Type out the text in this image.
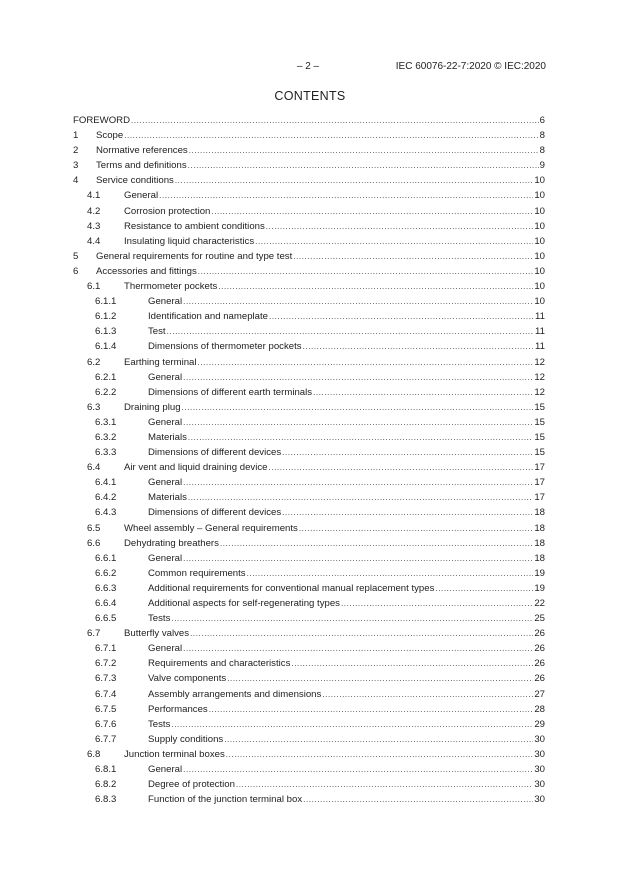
– 2 –	IEC 60076-22-7:2020 © IEC:2020
CONTENTS
FOREWORD .....	6
1 Scope .....	8
2 Normative references .....	8
3 Terms and definitions .....	9
4 Service conditions .....	10
4.1 General .....	10
4.2 Corrosion protection .....	10
4.3 Resistance to ambient conditions .....	10
4.4 Insulating liquid characteristics .....	10
5 General requirements for routine and type test .....	10
6 Accessories and fittings .....	10
6.1 Thermometer pockets .....	10
6.1.1	General .....	10
6.1.2	Identification and nameplate .....	11
6.1.3	Test .....	11
6.1.4	Dimensions of thermometer pockets .....	11
6.2 Earthing terminal .....	12
6.2.1	General .....	12
6.2.2	Dimensions of different earth terminals .....	12
6.3 Draining plug .....	15
6.3.1	General .....	15
6.3.2	Materials .....	15
6.3.3	Dimensions of different devices .....	15
6.4 Air vent and liquid draining device .....	17
6.4.1	General .....	17
6.4.2	Materials .....	17
6.4.3	Dimensions of different devices .....	18
6.5 Wheel assembly – General requirements .....	18
6.6 Dehydrating breathers .....	18
6.6.1	General .....	18
6.6.2	Common requirements .....	19
6.6.3	Additional requirements for conventional manual replacement types .....	19
6.6.4	Additional aspects for self-regenerating types .....	22
6.6.5	Tests .....	25
6.7 Butterfly valves .....	26
6.7.1	General .....	26
6.7.2	Requirements and characteristics .....	26
6.7.3	Valve components .....	26
6.7.4	Assembly arrangements and dimensions .....	27
6.7.5	Performances .....	28
6.7.6	Tests .....	29
6.7.7	Supply conditions .....	30
6.8 Junction terminal boxes .....	30
6.8.1	General .....	30
6.8.2	Degree of protection .....	30
6.8.3	Function of the junction terminal box .....	30
